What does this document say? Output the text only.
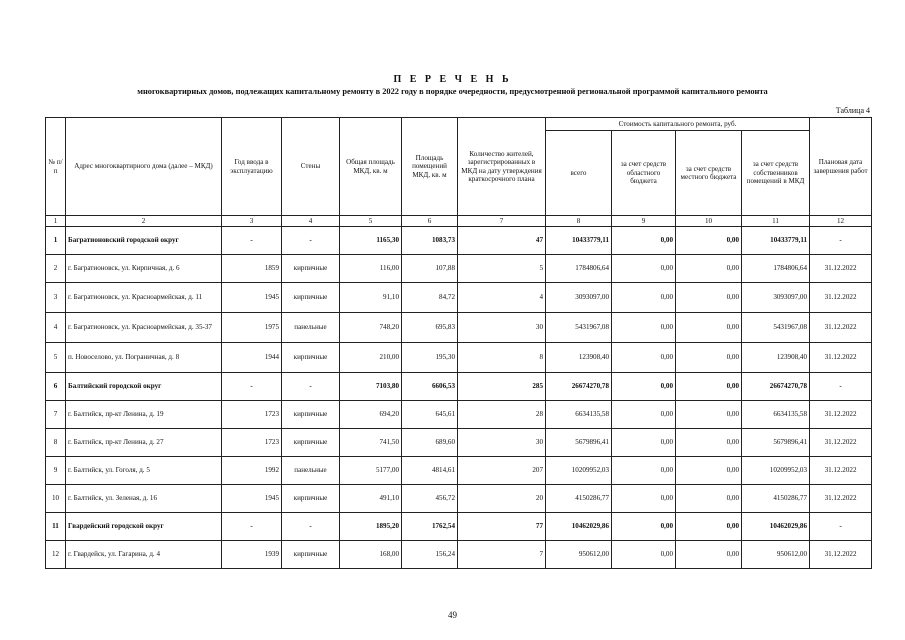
П Е Р Е Ч Е Н Ь
многоквартирных домов, подлежащих капитальному ремонту в 2022 году в порядке очередности, предусмотренной региональной программой капитального ремонта
Таблица 4
№ п/п	Адрес многоквартирного дома (далее – МКД)	Год ввода в эксплуатацию	Стены	Общая площадь МКД, кв. м	Площадь помещений МКД, кв. м	Количество жителей, зарегистрированных в МКД на дату утверждения краткосрочного плана	Стоимость капитального ремонта, руб.				Плановая дата завершения работ
							всего	за счет средств областного бюджета	за счет средств местного бюджета	за счет средств собственников помещений в МКД	
1	2	3	4	5	6	7	8	9	10	11	12
1	Багратионовский городской округ	-	-	1165,30	1083,73	47	10433779,11	0,00	0,00	10433779,11	-
2	г. Багратионовск, ул. Кирпичная, д. 6	1859	кирпичные	116,00	107,88	5	1784806,64	0,00	0,00	1784806,64	31.12.2022
3	г. Багратионовск, ул. Красноармейская, д. 11	1945	кирпичные	91,10	84,72	4	3093097,00	0,00	0,00	3093097,00	31.12.2022
4	г. Багратионовск, ул. Красноармейская, д. 35-37	1975	панельные	748,20	695,83	30	5431967,08	0,00	0,00	5431967,08	31.12.2022
5	п. Новоселово, ул. Пограничная, д. 8	1944	кирпичные	210,00	195,30	8	123908,40	0,00	0,00	123908,40	31.12.2022
6	Балтийский городской округ	-	-	7103,80	6606,53	285	26674270,78	0,00	0,00	26674270,78	-
7	г. Балтийск, пр-кт Ленина, д. 19	1723	кирпичные	694,20	645,61	28	6634135,58	0,00	0,00	6634135,58	31.12.2022
8	г. Балтийск, пр-кт Ленина, д. 27	1723	кирпичные	741,50	689,60	30	5679896,41	0,00	0,00	5679896,41	31.12.2022
9	г. Балтийск, ул. Гоголя, д. 5	1992	панельные	5177,00	4814,61	207	10209952,03	0,00	0,00	10209952,03	31.12.2022
10	г. Балтийск, ул. Зеленая, д. 16	1945	кирпичные	491,10	456,72	20	4150286,77	0,00	0,00	4150286,77	31.12.2022
11	Гвардейский городской округ	-	-	1895,20	1762,54	77	10462029,86	0,00	0,00	10462029,86	-
12	г. Гвардейск, ул. Гагарина, д. 4	1939	кирпичные	168,00	156,24	7	950612,00	0,00	0,00	950612,00	31.12.2022
49
